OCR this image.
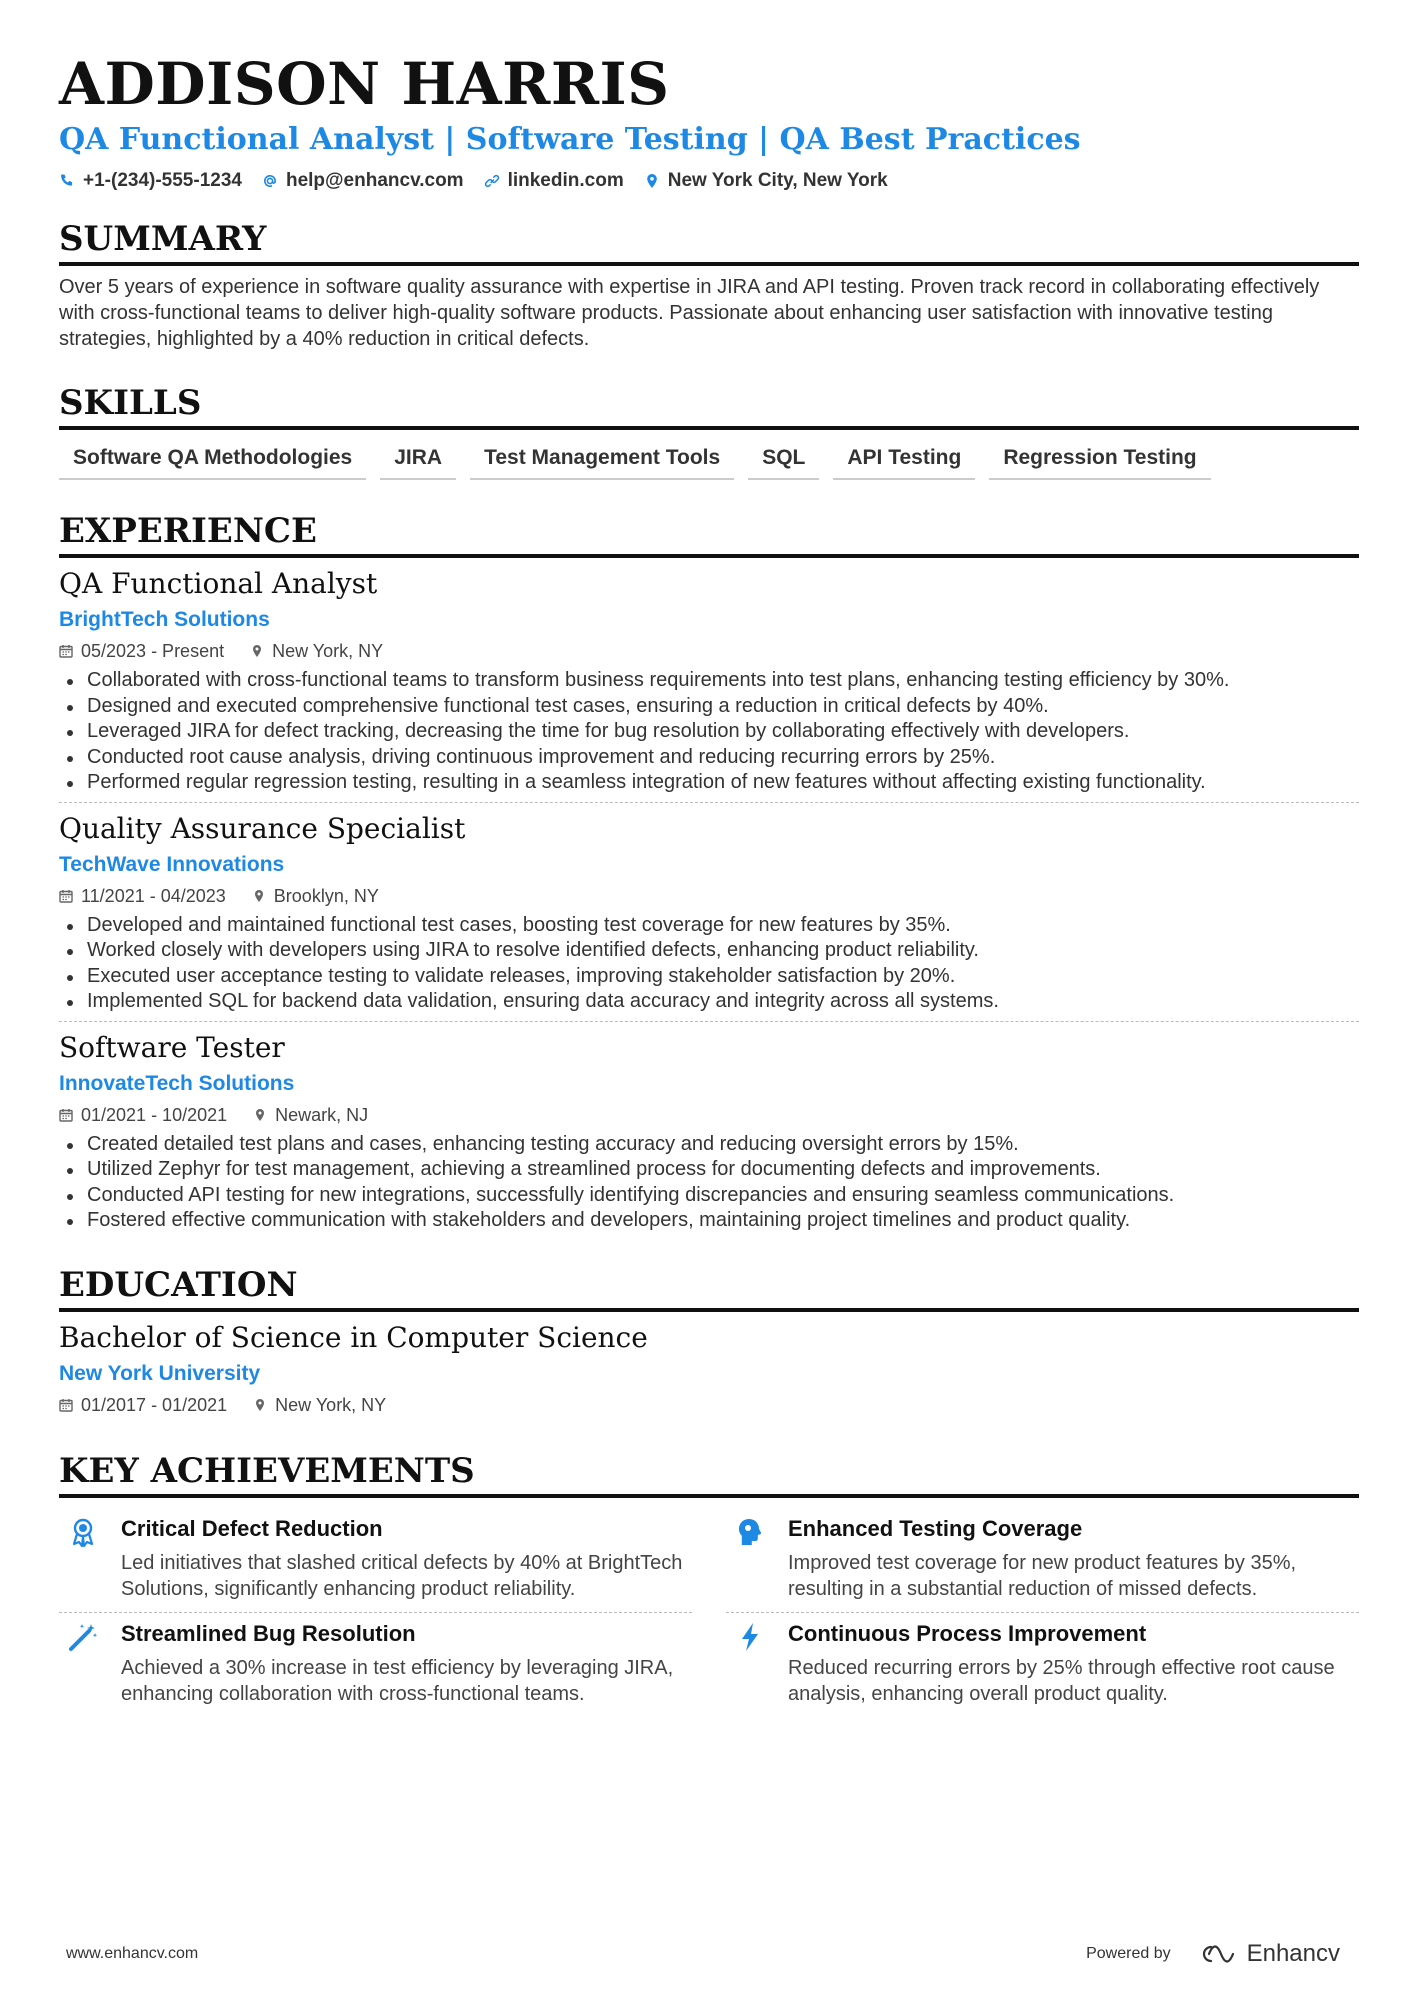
ADDISON HARRIS
QA Functional Analyst | Software Testing | QA Best Practices
+1-(234)-555-1234 help@enhancv.com linkedin.com New York City, New York
SUMMARY
Over 5 years of experience in software quality assurance with expertise in JIRA and API testing. Proven track record in collaborating effectively with cross-functional teams to deliver high-quality software products. Passionate about enhancing user satisfaction with innovative testing strategies, highlighted by a 40% reduction in critical defects.
SKILLS
Software QA Methodologies	JIRA	Test Management Tools	SQL	API Testing	Regression Testing
EXPERIENCE
QA Functional Analyst
BrightTech Solutions
05/2023 - Present	New York, NY
Collaborated with cross-functional teams to transform business requirements into test plans, enhancing testing efficiency by 30%.
Designed and executed comprehensive functional test cases, ensuring a reduction in critical defects by 40%.
Leveraged JIRA for defect tracking, decreasing the time for bug resolution by collaborating effectively with developers.
Conducted root cause analysis, driving continuous improvement and reducing recurring errors by 25%.
Performed regular regression testing, resulting in a seamless integration of new features without affecting existing functionality.
Quality Assurance Specialist
TechWave Innovations
11/2021 - 04/2023	Brooklyn, NY
Developed and maintained functional test cases, boosting test coverage for new features by 35%.
Worked closely with developers using JIRA to resolve identified defects, enhancing product reliability.
Executed user acceptance testing to validate releases, improving stakeholder satisfaction by 20%.
Implemented SQL for backend data validation, ensuring data accuracy and integrity across all systems.
Software Tester
InnovateTech Solutions
01/2021 - 10/2021	Newark, NJ
Created detailed test plans and cases, enhancing testing accuracy and reducing oversight errors by 15%.
Utilized Zephyr for test management, achieving a streamlined process for documenting defects and improvements.
Conducted API testing for new integrations, successfully identifying discrepancies and ensuring seamless communications.
Fostered effective communication with stakeholders and developers, maintaining project timelines and product quality.
EDUCATION
Bachelor of Science in Computer Science
New York University
01/2017 - 01/2021	New York, NY
KEY ACHIEVEMENTS
Critical Defect Reduction
Led initiatives that slashed critical defects by 40% at BrightTech Solutions, significantly enhancing product reliability.
Enhanced Testing Coverage
Improved test coverage for new product features by 35%, resulting in a substantial reduction of missed defects.
Streamlined Bug Resolution
Achieved a 30% increase in test efficiency by leveraging JIRA, enhancing collaboration with cross-functional teams.
Continuous Process Improvement
Reduced recurring errors by 25% through effective root cause analysis, enhancing overall product quality.
www.enhancv.com	Powered by	Enhancv
